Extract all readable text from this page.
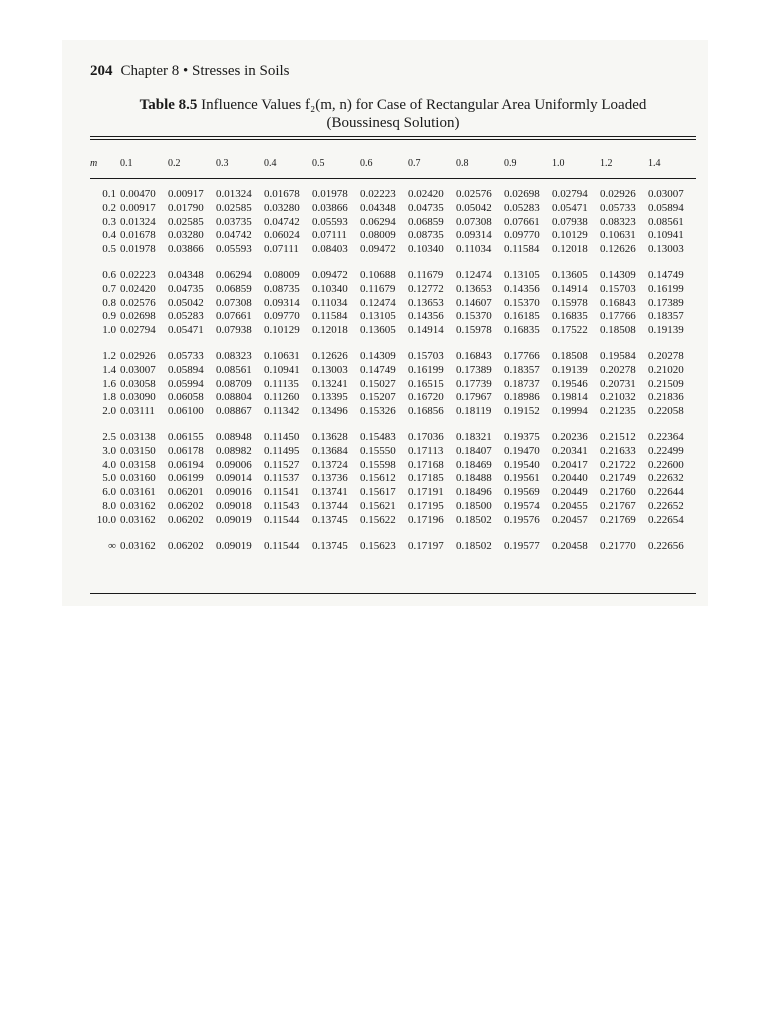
204 Chapter 8 • Stresses in Soils
Table 8.5 Influence Values f₂(m, n) for Case of Rectangular Area Uniformly Loaded
(Boussinesq Solution)
m	0.1	0.2	0.3	0.4	0.5	0.6	0.7	0.8	0.9	1.0	1.2	1.4

0.1	0.00470	0.00917	0.01324	0.01678	0.01978	0.02223	0.02420	0.02576	0.02698	0.02794	0.02926	0.03007
0.2	0.00917	0.01790	0.02585	0.03280	0.03866	0.04348	0.04735	0.05042	0.05283	0.05471	0.05733	0.05894
0.3	0.01324	0.02585	0.03735	0.04742	0.05593	0.06294	0.06859	0.07308	0.07661	0.07938	0.08323	0.08561
0.4	0.01678	0.03280	0.04742	0.06024	0.07111	0.08009	0.08735	0.09314	0.09770	0.10129	0.10631	0.10941
0.5	0.01978	0.03866	0.05593	0.07111	0.08403	0.09472	0.10340	0.11034	0.11584	0.12018	0.12626	0.13003

0.6	0.02223	0.04348	0.06294	0.08009	0.09472	0.10688	0.11679	0.12474	0.13105	0.13605	0.14309	0.14749
0.7	0.02420	0.04735	0.06859	0.08735	0.10340	0.11679	0.12772	0.13653	0.14356	0.14914	0.15703	0.16199
0.8	0.02576	0.05042	0.07308	0.09314	0.11034	0.12474	0.13653	0.14607	0.15370	0.15978	0.16843	0.17389
0.9	0.02698	0.05283	0.07661	0.09770	0.11584	0.13105	0.14356	0.15370	0.16185	0.16835	0.17766	0.18357
1.0	0.02794	0.05471	0.07938	0.10129	0.12018	0.13605	0.14914	0.15978	0.16835	0.17522	0.18508	0.19139

1.2	0.02926	0.05733	0.08323	0.10631	0.12626	0.14309	0.15703	0.16843	0.17766	0.18508	0.19584	0.20278
1.4	0.03007	0.05894	0.08561	0.10941	0.13003	0.14749	0.16199	0.17389	0.18357	0.19139	0.20278	0.21020
1.6	0.03058	0.05994	0.08709	0.11135	0.13241	0.15027	0.16515	0.17739	0.18737	0.19546	0.20731	0.21509
1.8	0.03090	0.06058	0.08804	0.11260	0.13395	0.15207	0.16720	0.17967	0.18986	0.19814	0.21032	0.21836
2.0	0.03111	0.06100	0.08867	0.11342	0.13496	0.15326	0.16856	0.18119	0.19152	0.19994	0.21235	0.22058

2.5	0.03138	0.06155	0.08948	0.11450	0.13628	0.15483	0.17036	0.18321	0.19375	0.20236	0.21512	0.22364
3.0	0.03150	0.06178	0.08982	0.11495	0.13684	0.15550	0.17113	0.18407	0.19470	0.20341	0.21633	0.22499
4.0	0.03158	0.06194	0.09006	0.11527	0.13724	0.15598	0.17168	0.18469	0.19540	0.20417	0.21722	0.22600
5.0	0.03160	0.06199	0.09014	0.11537	0.13736	0.15612	0.17185	0.18488	0.19561	0.20440	0.21749	0.22632
6.0	0.03161	0.06201	0.09016	0.11541	0.13741	0.15617	0.17191	0.18496	0.19569	0.20449	0.21760	0.22644
8.0	0.03162	0.06202	0.09018	0.11543	0.13744	0.15621	0.17195	0.18500	0.19574	0.20455	0.21767	0.22652
10.0	0.03162	0.06202	0.09019	0.11544	0.13745	0.15622	0.17196	0.18502	0.19576	0.20457	0.21769	0.22654

∞	0.03162	0.06202	0.09019	0.11544	0.13745	0.15623	0.17197	0.18502	0.19577	0.20458	0.21770	0.22656
